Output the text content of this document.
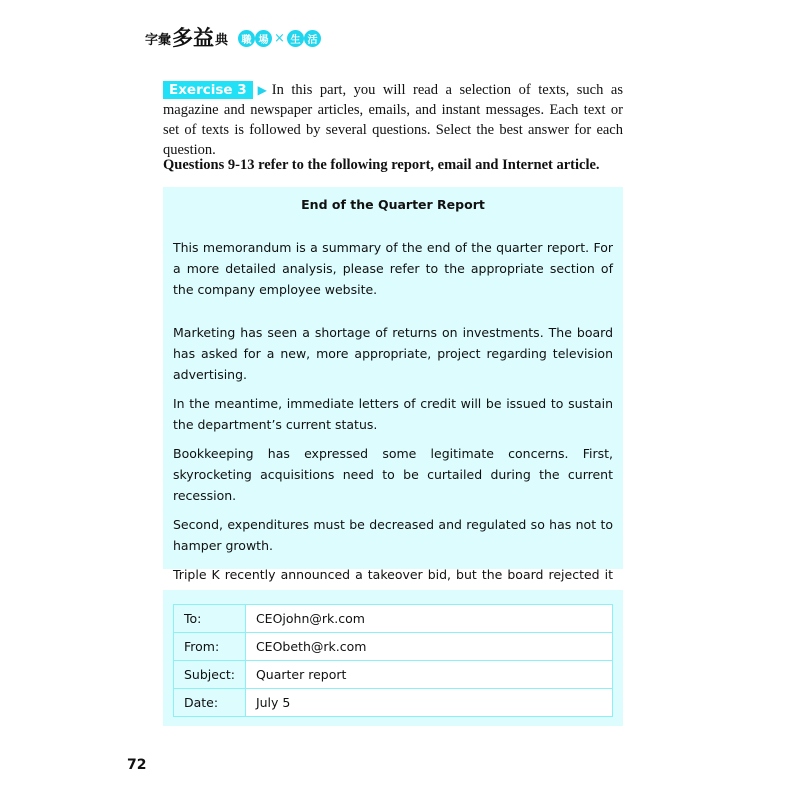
字彙 多益 典	職 場 × 生 活
Exercise 3 ▶In this part, you will read a selection of texts, such as magazine and newspaper articles, emails, and instant messages. Each text or set of texts is followed by several questions. Select the best answer for each question.
Questions 9-13 refer to the following report, email and Internet article.
End of the Quarter Report

This memorandum is a summary of the end of the quarter report. For a more detailed analysis, please refer to the appropriate section of the company employee website.

Marketing has seen a shortage of returns on investments. The board has asked for a new, more appropriate, project regarding television advertising.

In the meantime, immediate letters of credit will be issued to sustain the department’s current status.

Bookkeeping has expressed some legitimate concerns. First, skyrocketing acquisitions need to be curtailed during the current recession.

Second, expenditures must be decreased and regulated so has not to hamper growth.

Triple K recently announced a takeover bid, but the board rejected it

To:	CEOjohn@rk.com
From:	CEObeth@rk.com
Subject:	Quarter report
Date:	July 5
72
